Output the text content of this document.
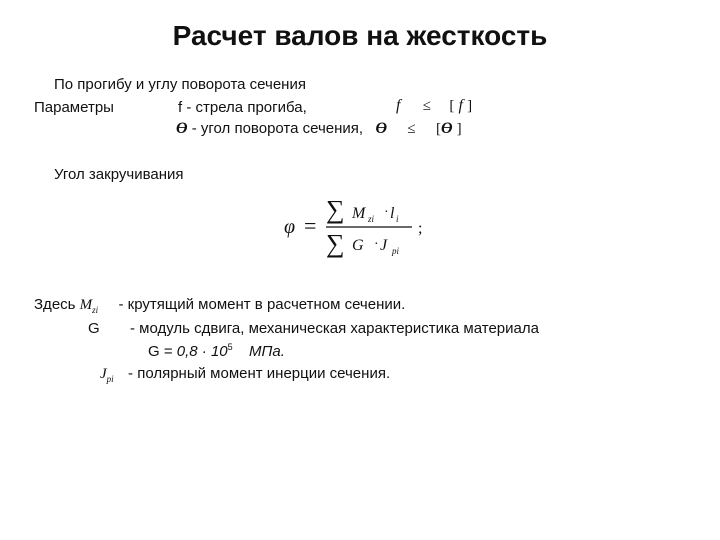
Расчет валов на жесткость
По прогибу и углу поворота сечения
Параметры	f - стрела прогиба,	f ≤ [ f ]
Ө - угол поворота сечения, Ө ≤ [Ө ]
Угол закручивания
φ =
∑ M zi · l i
∑ G · J pi
;
Здесь $M_{zi}$ - крутящий момент в расчетном сечении.
G - модуль сдвига, механическая характеристика материала
$G = 0,8 \cdot 10^5$ МПа.
$J_{pi}$ - полярный момент инерции сечения.
